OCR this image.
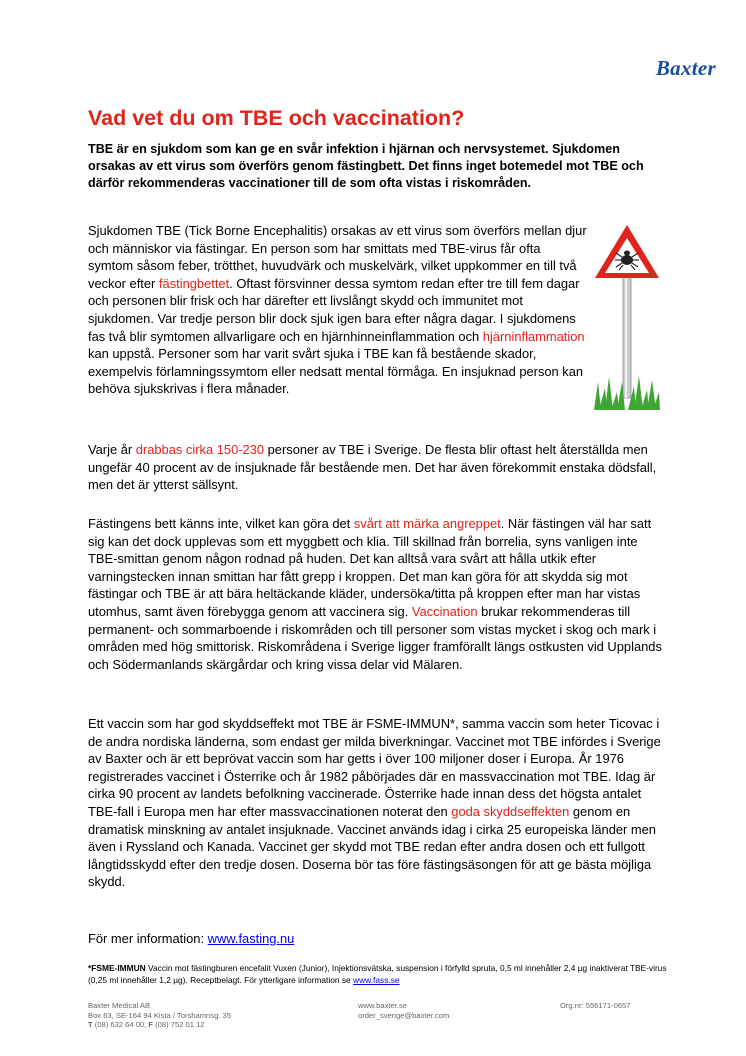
Baxter
Vad vet du om TBE och vaccination?

TBE är en sjukdom som kan ge en svår infektion i hjärnan och nervsystemet. Sjukdomen orsakas av ett virus som överförs genom fästingbett. Det finns inget botemedel mot TBE och därför rekommenderas vaccinationer till de som ofta vistas i riskområden.

Sjukdomen TBE (Tick Borne Encephalitis) orsakas av ett virus som överförs mellan djur och människor via fästingar. En person som har smittats med TBE-virus får ofta symtom såsom feber, trötthet, huvudvärk och muskelvärk, vilket uppkommer en till två veckor efter fästingbettet. Oftast försvinner dessa symtom redan efter tre till fem dagar och personen blir frisk och har därefter ett livslångt skydd och immunitet mot sjukdomen. Var tredje person blir dock sjuk igen bara efter några dagar. I sjukdomens fas två blir symtomen allvarligare och en hjärnhinneinflammation och hjärninflammation kan uppstå. Personer som har varit svårt sjuka i TBE kan få bestående skador, exempelvis förlamningssymtom eller nedsatt mental förmåga. En insjuknad person kan behöva sjukskrivas i flera månader.

Varje år drabbas cirka 150-230 personer av TBE i Sverige. De flesta blir oftast helt återställda men ungefär 40 procent av de insjuknade får bestående men. Det har även förekommit enstaka dödsfall, men det är ytterst sällsynt.

Fästingens bett känns inte, vilket kan göra det svårt att märka angreppet. När fästingen väl har satt sig kan det dock upplevas som ett myggbett och klia. Till skillnad från borrelia, syns vanligen inte TBE-smittan genom någon rodnad på huden. Det kan alltså vara svårt att hålla utkik efter varningstecken innan smittan har fått grepp i kroppen. Det man kan göra för att skydda sig mot fästingar och TBE är att bära heltäckande kläder, undersöka/titta på kroppen efter man har vistas utomhus, samt även förebygga genom att vaccinera sig. Vaccination brukar rekommenderas till permanent- och sommarboende i riskområden och till personer som vistas mycket i skog och mark i områden med hög smittorisk. Riskområdena i Sverige ligger framförallt längs ostkusten vid Upplands och Södermanlands skärgårdar och kring vissa delar vid Mälaren.

Ett vaccin som har god skyddseffekt mot TBE är FSME-IMMUN*, samma vaccin som heter Ticovac i de andra nordiska länderna, som endast ger milda biverkningar. Vaccinet mot TBE infördes i Sverige av Baxter och är ett beprövat vaccin som har getts i över 100 miljoner doser i Europa. År 1976 registrerades vaccinet i Österrike och år 1982 påbörjades där en massvaccination mot TBE. Idag är cirka 90 procent av landets befolkning vaccinerade. Österrike hade innan dess det högsta antalet TBE-fall i Europa men har efter massvaccinationen noterat den goda skyddseffekten genom en dramatisk minskning av antalet insjuknade. Vaccinet används idag i cirka 25 europeiska länder men även i Ryssland och Kanada. Vaccinet ger skydd mot TBE redan efter andra dosen och ett fullgott långtidsskydd efter den tredje dosen. Doserna bör tas före fästingsäsongen för att ge bästa möjliga skydd.

För mer information: www.fasting.nu

*FSME-IMMUN Vaccin mot fästingburen encefalit Vuxen (Junior), Injektionsvätska, suspension i förfylld spruta, 0,5 ml innehåller 2,4 µg inaktiverat TBE-virus (0,25 ml innehåller 1,2 µg). Receptbelagt. För ytterligare information se www.fass.se

Baxter Medical AB
Box 63, SE-164 94 Kista / Torshamnsg. 35
T (08) 632 64 00, F (08) 752 01 12
www.baxter.se
order_sverige@baxter.com
Org.nr: 556171-0657
